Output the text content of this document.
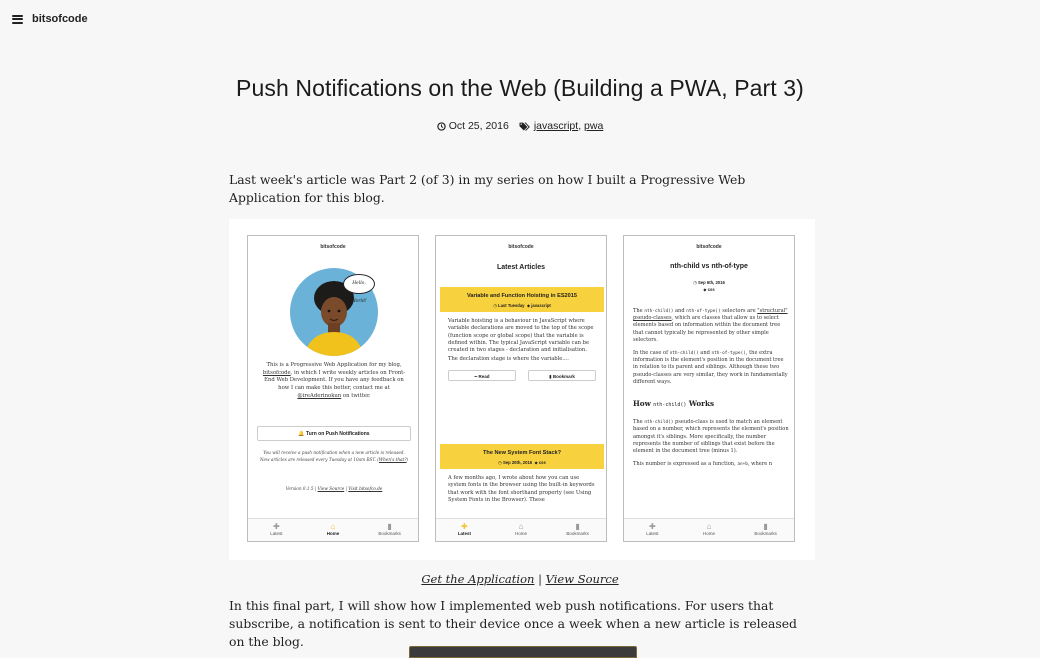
bitsofcode
Push Notifications on the Web (Building a PWA, Part 3)
Oct 25, 2016 javascript, pwa

Last week's article was Part 2 (of 3) in my series on how I built a Progressive Web Application for this blog.

bitsofcode
Hello, World!
This is a Progressive Web Application for my blog, bitsofcode, in which I write weekly articles on Front-End Web Development. If you have any feedback on how I can make this better, contact me at @ireAderinokun on twitter.
🔔 Turn on Push Notifications
You will receive a push notification when a new article is released. New articles are released every Tuesday at 10am BST. (When's that?)
Version 0.1.5 | View Source | Visit bitsofco.de
✚
Latest
⌂
Home
▮
Bookmarks
bitsofcode
Latest Articles
Variable and Function Hoisting in ES2015
◷ Last Tuesday ◆ javascript
Variable hoisting is a behaviour in JavaScript where variable declarations are moved to the top of the scope (function scope or global scope) that the variable is defined within. The typical JavaScript variable can be created in two stages - declaration and initialisation.
The declaration stage is where the variable....
━ Read	▮ Bookmark
The New System Font Stack?
◷ Sep 20th, 2016 ◆ css
A few months ago, I wrote about how you can use system fonts in the browser using the built-in keywords that work with the font shorthand property (see Using System Fonts in the Browser). These
✚
Latest
⌂
Home
▮
Bookmarks
bitsofcode
nth-child vs nth-of-type
◷ Sep 6th, 2016
◆ css

The nth-child() and nth-of-type() selectors are "structural" pseudo-classes, which are classes that allow us to select elements based on information within the document tree that cannot typically be represented by other simple selectors.

In the case of nth-child() and nth-of-type(), the extra information is the element's position in the document tree in relation to its parent and siblings. Although these two pseudo-classes are very similar, they work in fundamentally different ways.

How nth-child() Works

The nth-child() pseudo-class is used to match an element based on a number, which represents the element's position amongst it's siblings. More specifically, the number represents the number of siblings that exist before the element in the document tree (minus 1).

This number is expressed as a function, an+b, where n

✚
Latest
⌂
Home
▮
Bookmarks
Get the Application | View Source

In this final part, I will show how I implemented web push notifications. For users that subscribe, a notification is sent to their device once a week when a new article is released on the blog.
